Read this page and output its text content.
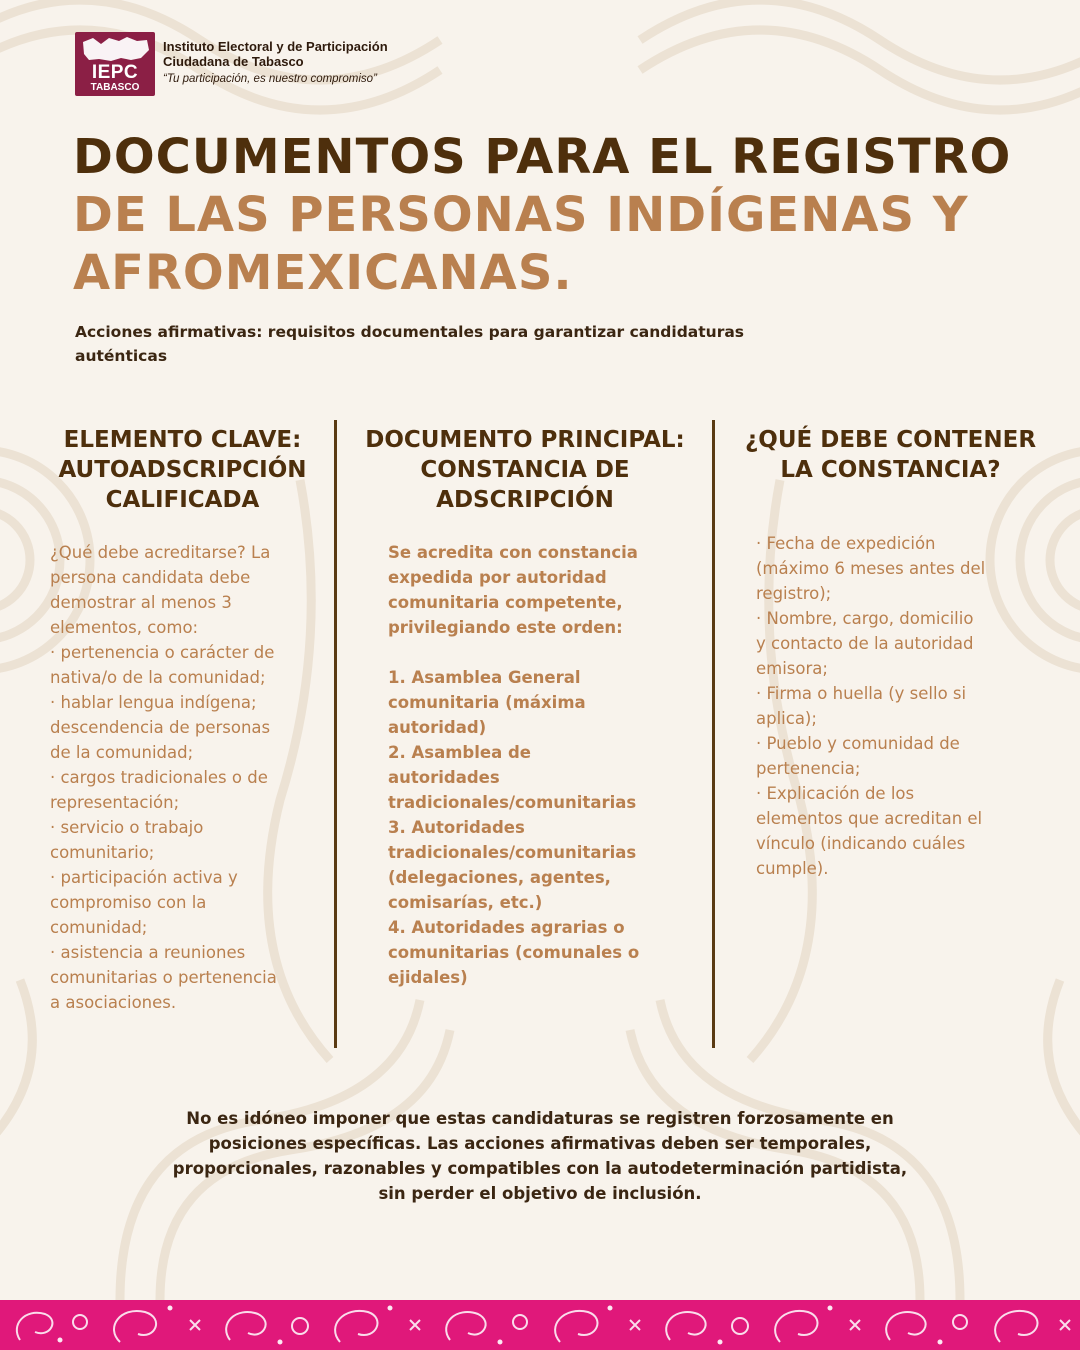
IEPC
TABASCO
Instituto Electoral y de Participación
Ciudadana de Tabasco
“Tu participación, es nuestro compromiso”
DOCUMENTOS PARA EL REGISTRO
DE LAS PERSONAS INDÍGENAS Y
AFROMEXICANAS.
Acciones afirmativas: requisitos documentales para garantizar candidaturas auténticas
ELEMENTO CLAVE:
AUTOADSCRIPCIÓN
CALIFICADA
¿Qué debe acreditarse? La
persona candidata debe
demostrar al menos 3
elementos, como:
· pertenencia o carácter de
nativa/o de la comunidad;
· hablar lengua indígena;
descendencia de personas
de la comunidad;
· cargos tradicionales o de
representación;
· servicio o trabajo
comunitario;
· participación activa y
compromiso con la
comunidad;
· asistencia a reuniones
comunitarias o pertenencia
a asociaciones.
DOCUMENTO PRINCIPAL:
CONSTANCIA DE
ADSCRIPCIÓN
Se acredita con constancia
expedida por autoridad
comunitaria competente,
privilegiando este orden:
1. Asamblea General
comunitaria (máxima
autoridad)
2. Asamblea de
autoridades
tradicionales/comunitarias
3. Autoridades
tradicionales/comunitarias
(delegaciones, agentes,
comisarías, etc.)
4. Autoridades agrarias o
comunitarias (comunales o
ejidales)
¿QUÉ DEBE CONTENER
LA CONSTANCIA?
· Fecha de expedición
(máximo 6 meses antes del
registro);
· Nombre, cargo, domicilio
y contacto de la autoridad
emisora;
· Firma o huella (y sello si
aplica);
· Pueblo y comunidad de
pertenencia;
· Explicación de los
elementos que acreditan el
vínculo (indicando cuáles
cumple).
No es idóneo imponer que estas candidaturas se registren forzosamente en
posiciones específicas. Las acciones afirmativas deben ser temporales,
proporcionales, razonables y compatibles con la autodeterminación partidista,
sin perder el objetivo de inclusión.
